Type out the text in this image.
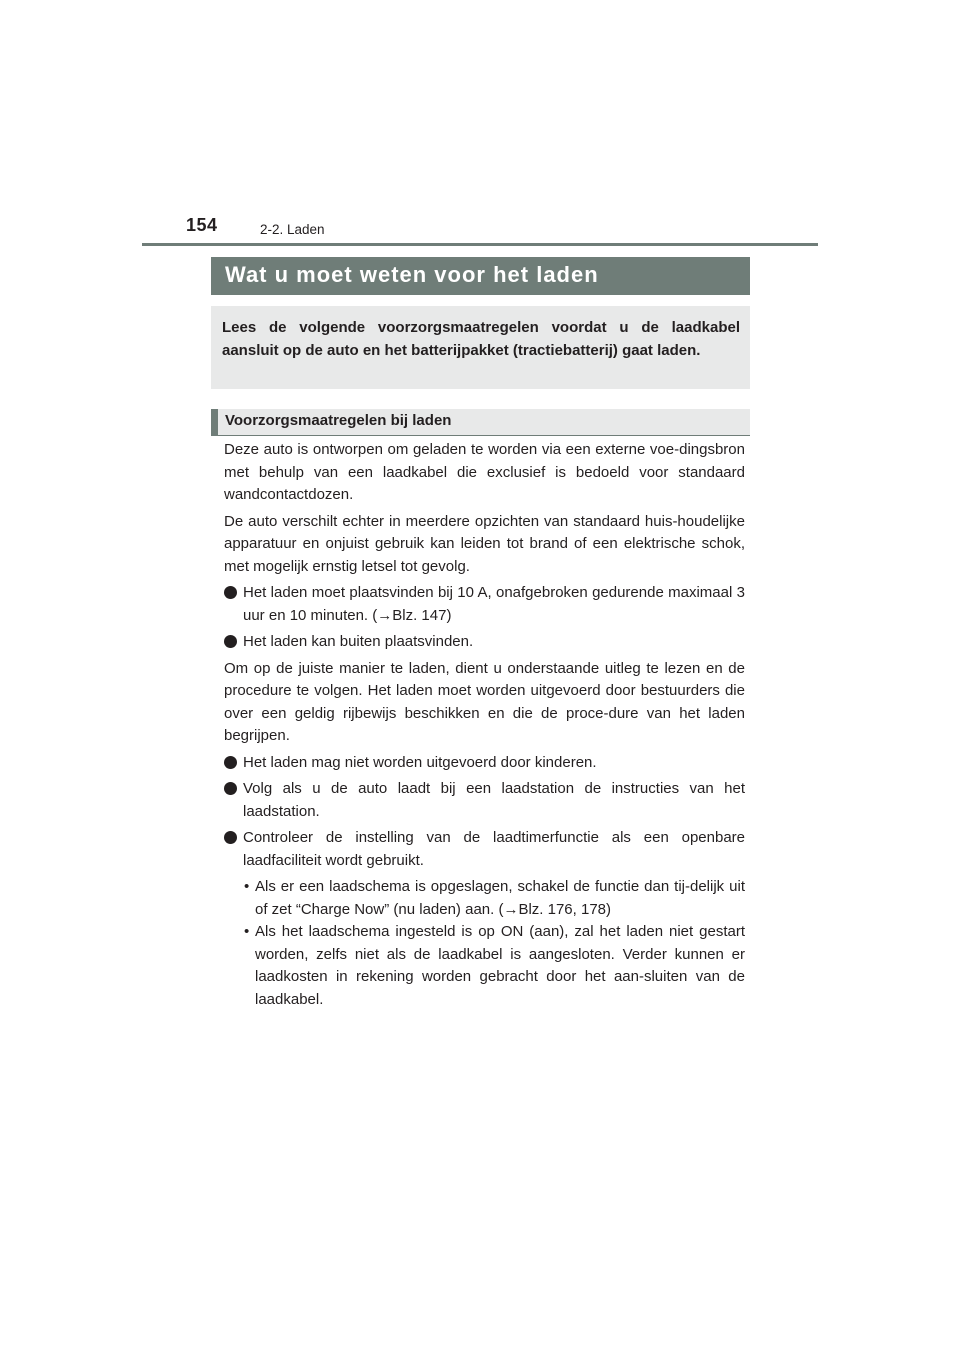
154	2-2. Laden
Wat u moet weten voor het laden
Lees de volgende voorzorgsmaatregelen voordat u de laadkabel aansluit op de auto en het batterijpakket (tractiebatterij) gaat laden.
Voorzorgsmaatregelen bij laden

Deze auto is ontworpen om geladen te worden via een externe voe-dingsbron met behulp van een laadkabel die exclusief is bedoeld voor standaard wandcontactdozen.

De auto verschilt echter in meerdere opzichten van standaard huis-houdelijke apparatuur en onjuist gebruik kan leiden tot brand of een elektrische schok, met mogelijk ernstig letsel tot gevolg.

Het laden moet plaatsvinden bij 10 A, onafgebroken gedurende maximaal 3 uur en 10 minuten. (→Blz. 147)
Het laden kan buiten plaatsvinden.

Om op de juiste manier te laden, dient u onderstaande uitleg te lezen en de procedure te volgen. Het laden moet worden uitgevoerd door bestuurders die over een geldig rijbewijs beschikken en die de proce-dure van het laden begrijpen.

Het laden mag niet worden uitgevoerd door kinderen.
Volg als u de auto laadt bij een laadstation de instructies van het laadstation.
Controleer de instelling van de laadtimerfunctie als een openbare laadfaciliteit wordt gebruikt.
• Als er een laadschema is opgeslagen, schakel de functie dan tij-delijk uit of zet “Charge Now” (nu laden) aan. (→Blz. 176, 178)
• Als het laadschema ingesteld is op ON (aan), zal het laden niet gestart worden, zelfs niet als de laadkabel is aangesloten. Verder kunnen er laadkosten in rekening worden gebracht door het aan-sluiten van de laadkabel.
